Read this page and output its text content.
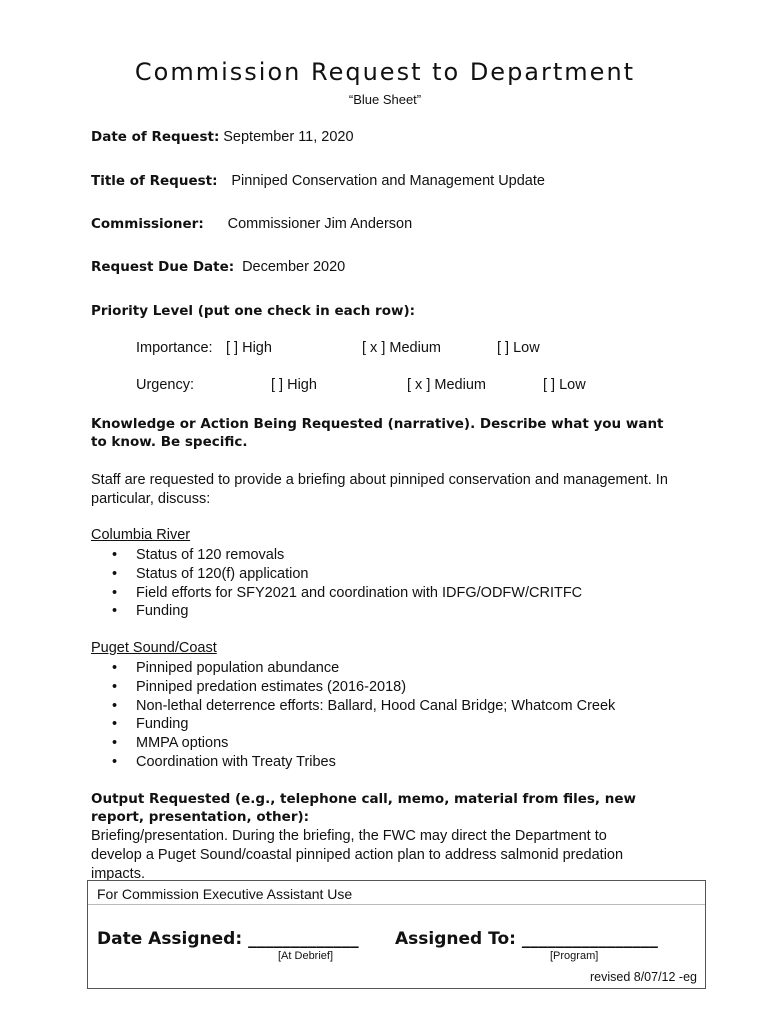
Commission Request to Department
“Blue Sheet”
Date of Request: September 11, 2020
Title of Request: Pinniped Conservation and Management Update
Commissioner: Commissioner Jim Anderson
Request Due Date: December 2020
Priority Level (put one check in each row):
Importance: [ ] High	[ x ] Medium	[ ] Low
Urgency:	[ ] High	[ x ] Medium	[ ] Low
Knowledge or Action Being Requested (narrative). Describe what you want to know. Be specific.
Staff are requested to provide a briefing about pinniped conservation and management. In particular, discuss:
Columbia River
• Status of 120 removals
• Status of 120(f) application
• Field efforts for SFY2021 and coordination with IDFG/ODFW/CRITFC
• Funding
Puget Sound/Coast
• Pinniped population abundance
• Pinniped predation estimates (2016-2018)
• Non-lethal deterrence efforts: Ballard, Hood Canal Bridge; Whatcom Creek
• Funding
• MMPA options
• Coordination with Treaty Tribes
Output Requested (e.g., telephone call, memo, material from files, new report, presentation, other):
Briefing/presentation. During the briefing, the FWC may direct the Department to develop a Puget Sound/coastal pinniped action plan to address salmonid predation impacts.
For Commission Executive Assistant Use
Date Assigned: _____________ Assigned To: ________________
[At Debrief]	[Program]
revised 8/07/12 -eg
